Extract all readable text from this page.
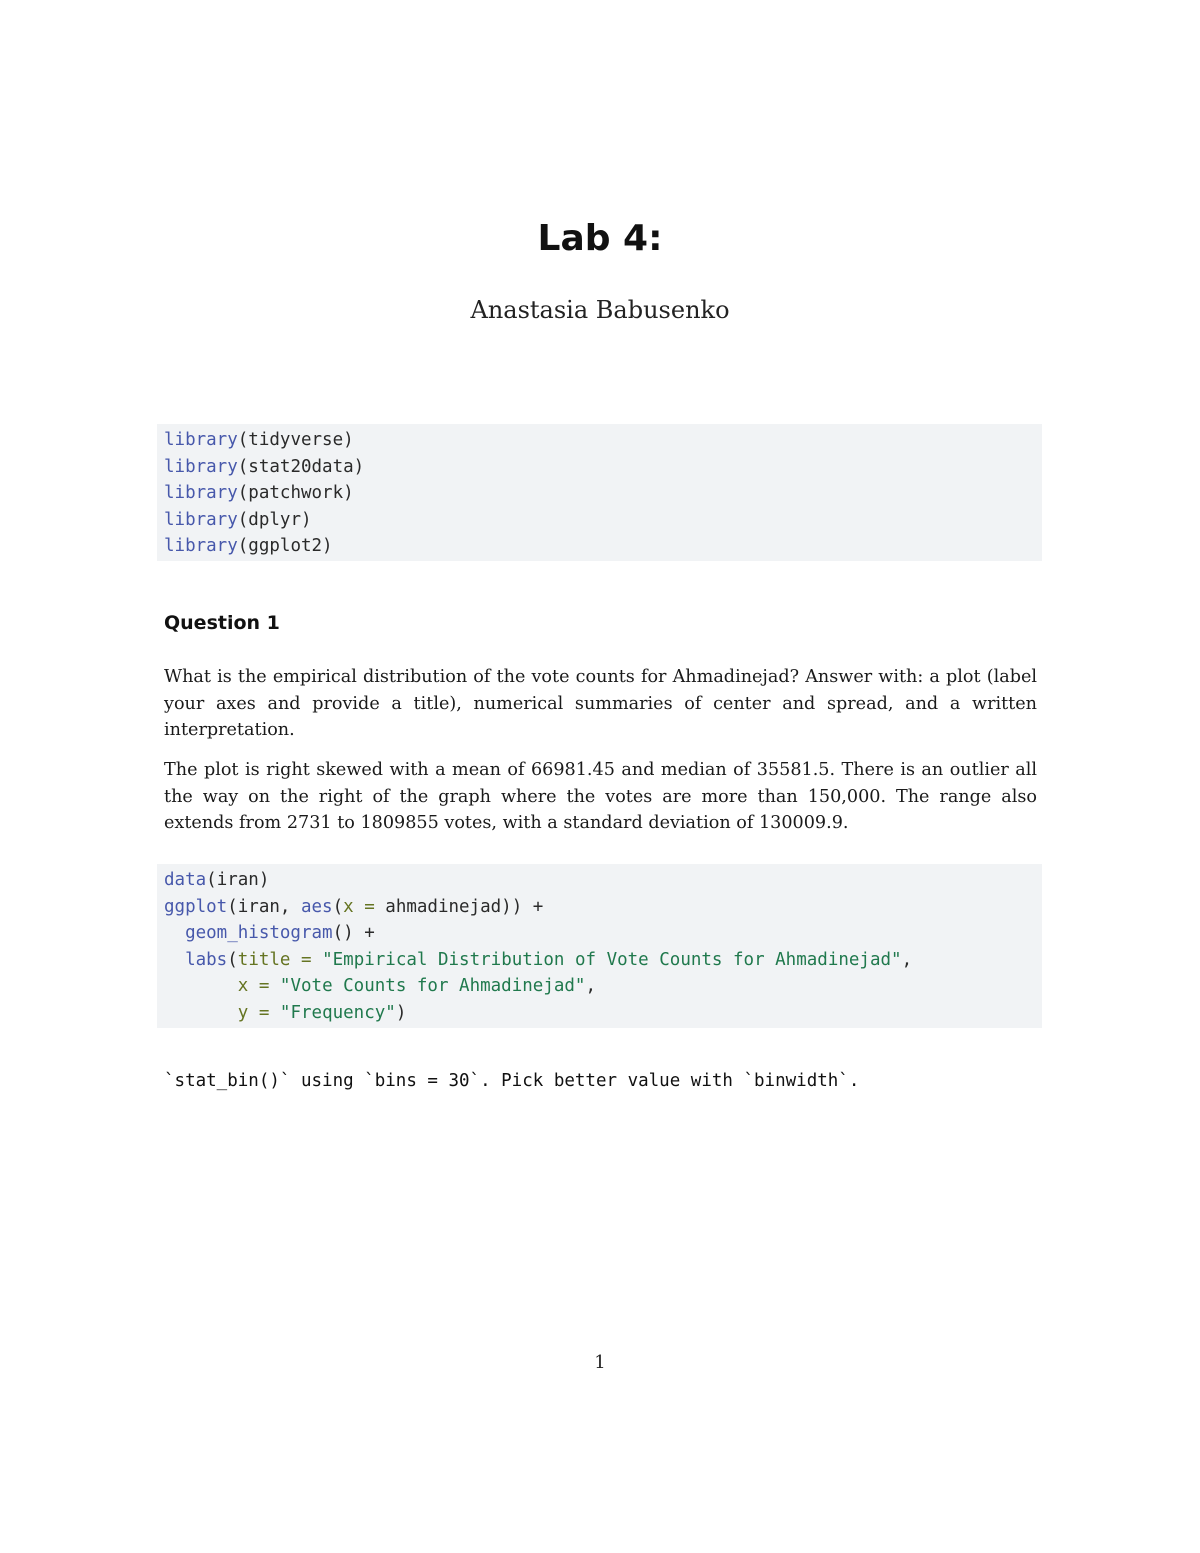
Lab 4:
Anastasia Babusenko
library(tidyverse)
library(stat20data)
library(patchwork)
library(dplyr)
library(ggplot2)
Question 1

What is the empirical distribution of the vote counts for Ahmadinejad? Answer with: a plot (label your axes and provide a title), numerical summaries of center and spread, and a written interpretation.

The plot is right skewed with a mean of 66981.45 and median of 35581.5. There is an outlier all the way on the right of the graph where the votes are more than 150,000. The range also extends from 2731 to 1809855 votes, with a standard deviation of 130009.9.

data(iran)
ggplot(iran, aes(x = ahmadinejad)) +
geom_histogram() +
labs(title = "Empirical Distribution of Vote Counts for Ahmadinejad",
x = "Vote Counts for Ahmadinejad",
y = "Frequency")
`stat_bin()` using `bins = 30`. Pick better value with `binwidth`.
1
